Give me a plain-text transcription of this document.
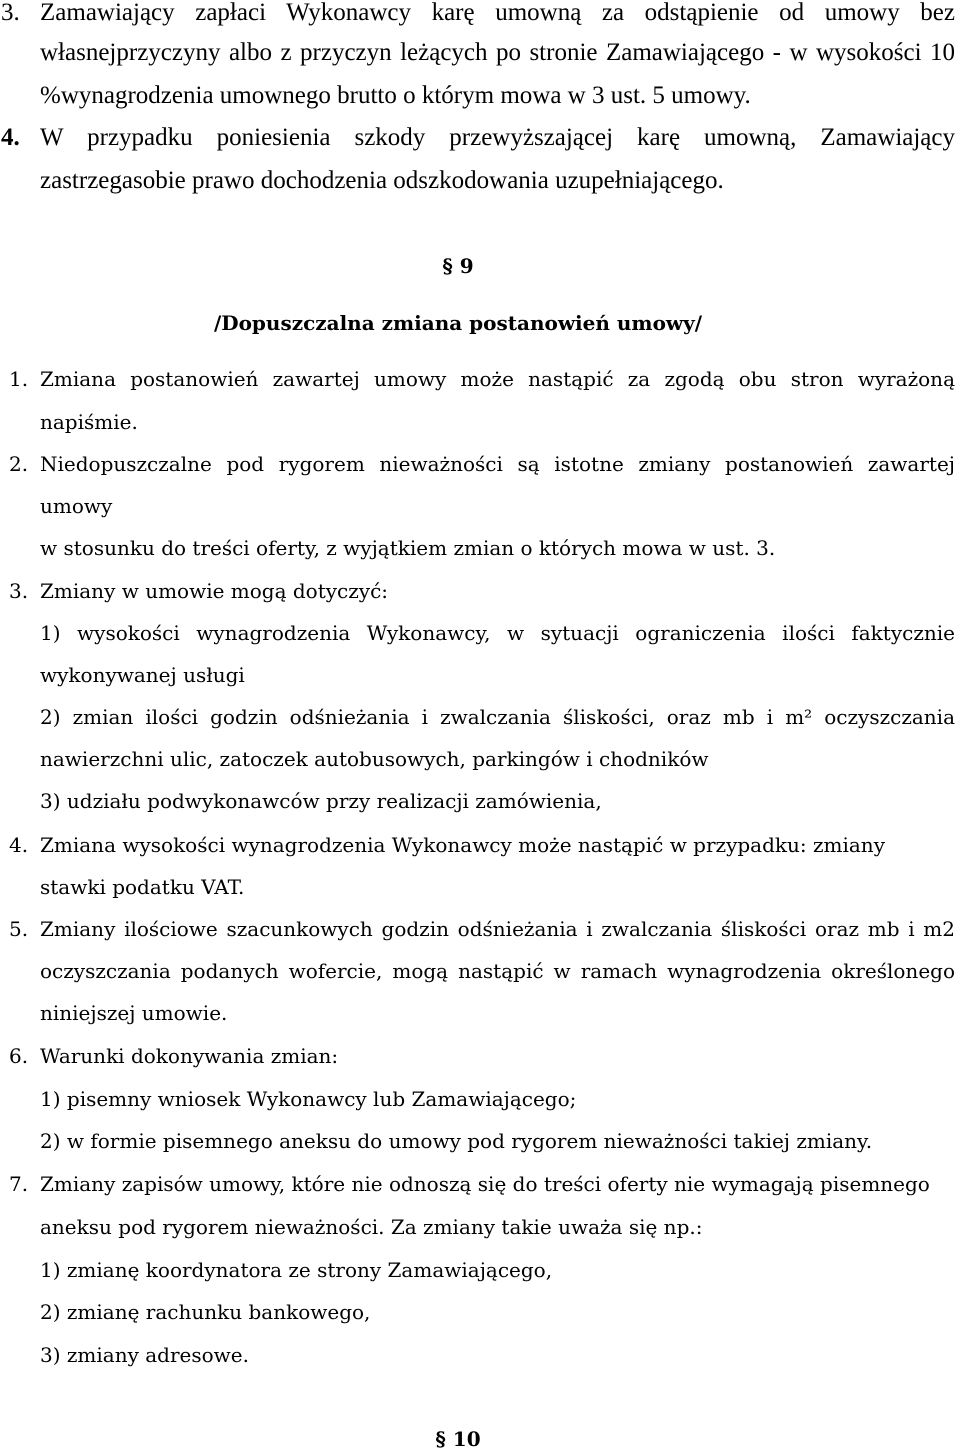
3. Zamawiający zapłaci Wykonawcy karę umowną za odstąpienie od umowy bez
własnejprzyczyny albo z przyczyn leżących po stronie Zamawiającego - w wysokości 10
%wynagrodzenia umownego brutto o którym mowa w 3 ust. 5 umowy.
4. W przypadku poniesienia szkody przewyższającej karę umowną, Zamawiający
zastrzegasobie prawo dochodzenia odszkodowania uzupełniającego.
§ 9
/Dopuszczalna zmiana postanowień umowy/
1. Zmiana postanowień zawartej umowy może nastąpić za zgodą obu stron wyrażoną
napiśmie.
2. Niedopuszczalne pod rygorem nieważności są istotne zmiany postanowień zawartej
umowy
w stosunku do treści oferty, z wyjątkiem zmian o których mowa w ust. 3.
3. Zmiany w umowie mogą dotyczyć:
1) wysokości wynagrodzenia Wykonawcy, w sytuacji ograniczenia ilości faktycznie
wykonywanej usługi
2) zmian ilości godzin odśnieżania i zwalczania śliskości, oraz mb i m² oczyszczania
nawierzchni ulic, zatoczek autobusowych, parkingów i chodników
3) udziału podwykonawców przy realizacji zamówienia,
4. Zmiana wysokości wynagrodzenia Wykonawcy może nastąpić w przypadku: zmiany
stawki podatku VAT.
5. Zmiany ilościowe szacunkowych godzin odśnieżania i zwalczania śliskości oraz mb i m2
oczyszczania podanych wofercie, mogą nastąpić w ramach wynagrodzenia określonego
niniejszej umowie.
6. Warunki dokonywania zmian:
1) pisemny wniosek Wykonawcy lub Zamawiającego;
2) w formie pisemnego aneksu do umowy pod rygorem nieważności takiej zmiany.
7. Zmiany zapisów umowy, które nie odnoszą się do treści oferty nie wymagają pisemnego
aneksu pod rygorem nieważności. Za zmiany takie uważa się np.:
1) zmianę koordynatora ze strony Zamawiającego,
2) zmianę rachunku bankowego,
3) zmiany adresowe.
§ 10
